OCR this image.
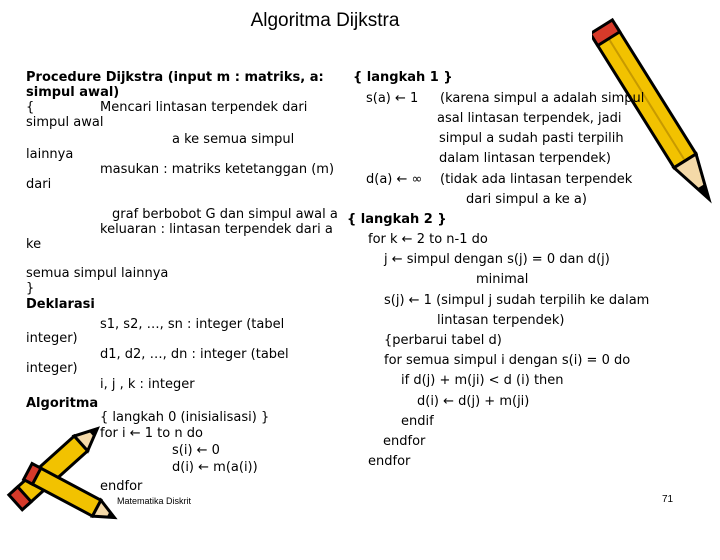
Algoritma Dijkstra
Procedure Dijkstra (input m : matriks, a:
simpul awal)
{	Mencari lintasan terpendek dari
simpul awal
a ke semua simpul
lainnya
masukan : matriks ketetanggan (m)
dari
graf berbobot G dan simpul awal a
keluaran : lintasan terpendek dari a
ke
semua simpul lainnya
}
Deklarasi
s1, s2, …, sn : integer (tabel
integer)
d1, d2, …, dn : integer (tabel
integer)
i, j , k : integer
Algoritma
{ langkah 0 (inisialisasi) }
for i ← 1 to n do
s(i) ← 0
d(i) ← m(a(i))
endfor
{ langkah 1 }
s(a) ← 1 (karena simpul a adalah simpul
asal lintasan terpendek, jadi
simpul a sudah pasti terpilih
dalam lintasan terpendek)
d(a) ← ∞ (tidak ada lintasan terpendek
dari simpul a ke a)
{ langkah 2 }
for k ← 2 to n-1 do
j ← simpul dengan s(j) = 0 dan d(j)
minimal
s(j) ← 1 (simpul j sudah terpilih ke dalam
lintasan terpendek)
{perbarui tabel d)
for semua simpul i dengan s(i) = 0 do
if d(j) + m(ji) < d (i) then
d(i) ← d(j) + m(ji)
endif
endfor
endfor
Matematika Diskrit	71
